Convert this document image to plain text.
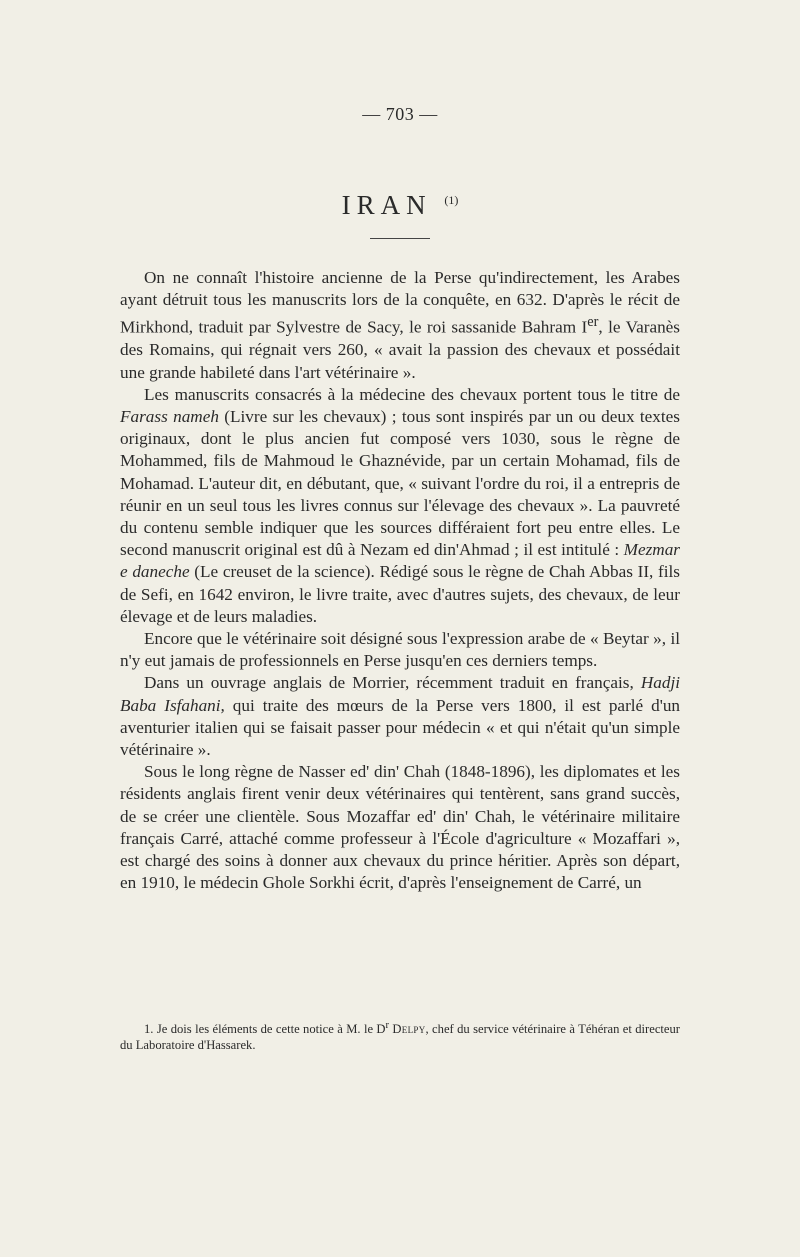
— 703 —
IRAN $^{(1)}$

On ne connaît l'histoire ancienne de la Perse qu'indirectement, les Arabes ayant détruit tous les manuscrits lors de la conquête, en 632. D'après le récit de Mirkhond, traduit par Sylvestre de Sacy, le roi sassanide Bahram Ier, le Varanès des Romains, qui régnait vers 260, « avait la passion des chevaux et possédait une grande habileté dans l'art vétérinaire ».

Les manuscrits consacrés à la médecine des chevaux portent tous le titre de Farass nameh (Livre sur les chevaux) ; tous sont inspirés par un ou deux textes originaux, dont le plus ancien fut composé vers 1030, sous le règne de Mohammed, fils de Mahmoud le Ghaznévide, par un certain Mohamad, fils de Mohamad. L'auteur dit, en débutant, que, « suivant l'ordre du roi, il a entrepris de réunir en un seul tous les livres connus sur l'élevage des chevaux ». La pauvreté du contenu semble indiquer que les sources différaient fort peu entre elles. Le second manuscrit original est dû à Nezam ed din'Ahmad ; il est intitulé : Mezmar e daneche (Le creuset de la science). Rédigé sous le règne de Chah Abbas II, fils de Sefi, en 1642 environ, le livre traite, avec d'autres sujets, des chevaux, de leur élevage et de leurs maladies.

Encore que le vétérinaire soit désigné sous l'expression arabe de « Beytar », il n'y eut jamais de professionnels en Perse jusqu'en ces derniers temps.

Dans un ouvrage anglais de Morrier, récemment traduit en français, Hadji Baba Isfahani, qui traite des mœurs de la Perse vers 1800, il est parlé d'un aventurier italien qui se faisait passer pour médecin « et qui n'était qu'un simple vétérinaire ».

Sous le long règne de Nasser ed' din' Chah (1848-1896), les diplomates et les résidents anglais firent venir deux vétérinaires qui tentèrent, sans grand succès, de se créer une clientèle. Sous Mozaffar ed' din' Chah, le vétérinaire militaire français Carré, attaché comme professeur à l'École d'agriculture « Mozaffari », est chargé des soins à donner aux chevaux du prince héritier. Après son départ, en 1910, le médecin Ghole Sorkhi écrit, d'après l'enseignement de Carré, un

1. Je dois les éléments de cette notice à M. le $D^r$ Delpy, chef du service vétérinaire à Téhéran et directeur du Laboratoire d'Hassarek.
